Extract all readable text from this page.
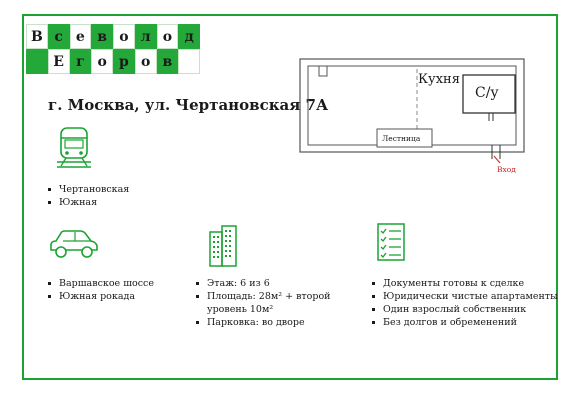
В с е в о л о д
Е г о р о в
г. Москва, ул. Чертановская 7А
Кухня
С/у
Лестница
Вход
Чертановская
Южная
Варшавское шоссе
Южная рокада
Этаж: 6 из 6
Площадь: 28м² + второй уровень 10м²
Парковка: во дворе
Документы готовы к сделке
Юридически чистые апартаменты
Один взрослый собственник
Без долгов и обременений
